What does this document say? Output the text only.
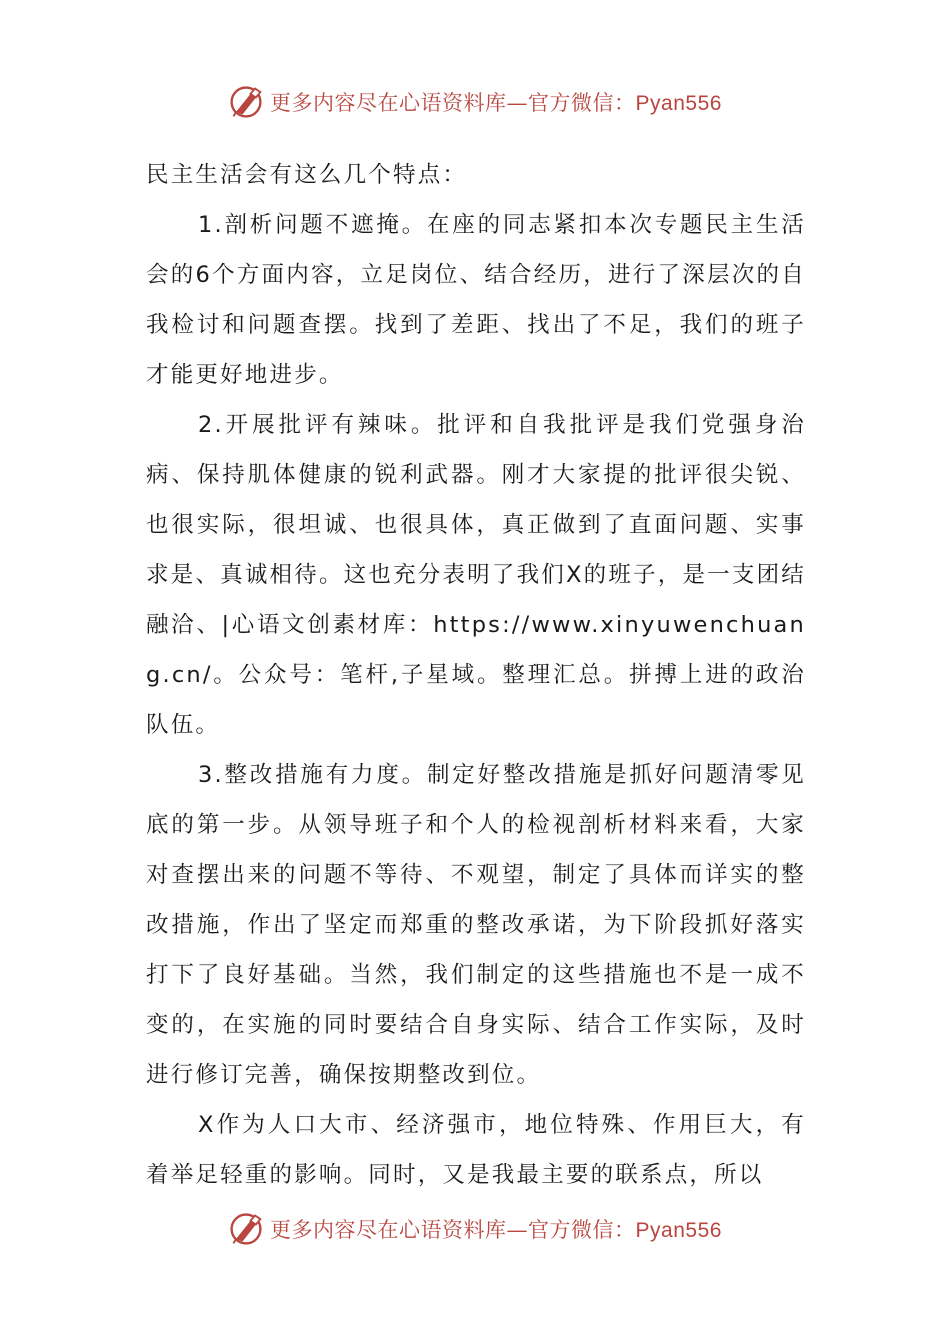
更多内容尽在心语资料库—官方微信：Pyan556

民主生活会有这么几个特点：

1.剖析问题不遮掩。在座的同志紧扣本次专题民主生活会的6个方面内容，立足岗位、结合经历，进行了深层次的自我检讨和问题查摆。找到了差距、找出了不足，我们的班子才能更好地进步。

2.开展批评有辣味。批评和自我批评是我们党强身治病、保持肌体健康的锐利武器。刚才大家提的批评很尖锐、也很实际，很坦诚、也很具体，真正做到了直面问题、实事求是、真诚相待。这也充分表明了我们X的班子，是一支团结融洽、|心语文创素材库：https://www.xinyuwenchuang.cn/。公众号：笔杆,子星域。整理汇总。拼搏上进的政治队伍。

3.整改措施有力度。制定好整改措施是抓好问题清零见底的第一步。从领导班子和个人的检视剖析材料来看，大家对查摆出来的问题不等待、不观望，制定了具体而详实的整改措施，作出了坚定而郑重的整改承诺，为下阶段抓好落实打下了良好基础。当然，我们制定的这些措施也不是一成不变的，在实施的同时要结合自身实际、结合工作实际，及时进行修订完善，确保按期整改到位。

X作为人口大市、经济强市，地位特殊、作用巨大，有着举足轻重的影响。同时，又是我最主要的联系点，所以

更多内容尽在心语资料库—官方微信：Pyan556
